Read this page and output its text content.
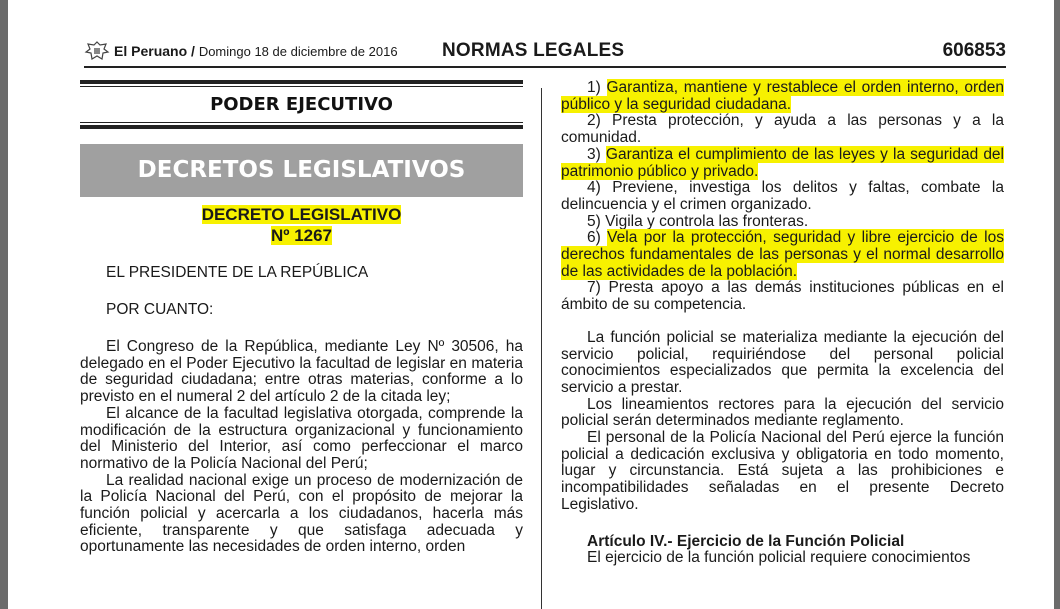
El Peruano / Domingo 18 de diciembre de 2016 NORMAS LEGALES	606853
PODER EJECUTIVO
DECRETOS LEGISLATIVOS
DECRETO LEGISLATIVO
Nº 1267
EL PRESIDENTE DE LA REPÚBLICA
POR CUANTO:

El Congreso de la República, mediante Ley Nº 30506, ha delegado en el Poder Ejecutivo la facultad de legislar en materia de seguridad ciudadana; entre otras materias, conforme a lo previsto en el numeral 2 del artículo 2 de la citada ley;

El alcance de la facultad legislativa otorgada, comprende la modificación de la estructura organizacional y funcionamiento del Ministerio del Interior, así como perfeccionar el marco normativo de la Policía Nacional del Perú;

La realidad nacional exige un proceso de modernización de la Policía Nacional del Perú, con el propósito de mejorar la función policial y acercarla a los ciudadanos, hacerla más eficiente, transparente y que satisfaga adecuada y oportunamente las necesidades de orden interno, orden

1) Garantiza, mantiene y restablece el orden interno, orden público y la seguridad ciudadana.

2) Presta protección, y ayuda a las personas y a la comunidad.

3) Garantiza el cumplimiento de las leyes y la seguridad del patrimonio público y privado.

4) Previene, investiga los delitos y faltas, combate la delincuencia y el crimen organizado.

5) Vigila y controla las fronteras.

6) Vela por la protección, seguridad y libre ejercicio de los derechos fundamentales de las personas y el normal desarrollo de las actividades de la población.

7) Presta apoyo a las demás instituciones públicas en el ámbito de su competencia.

La función policial se materializa mediante la ejecución del servicio policial, requiriéndose del personal policial conocimientos especializados que permita la excelencia del servicio a prestar.

Los lineamientos rectores para la ejecución del servicio policial serán determinados mediante reglamento.

El personal de la Policía Nacional del Perú ejerce la función policial a dedicación exclusiva y obligatoria en todo momento, lugar y circunstancia. Está sujeta a las prohibiciones e incompatibilidades señaladas en el presente Decreto Legislativo.

Artículo IV.- Ejercicio de la Función Policial

El ejercicio de la función policial requiere conocimientos
